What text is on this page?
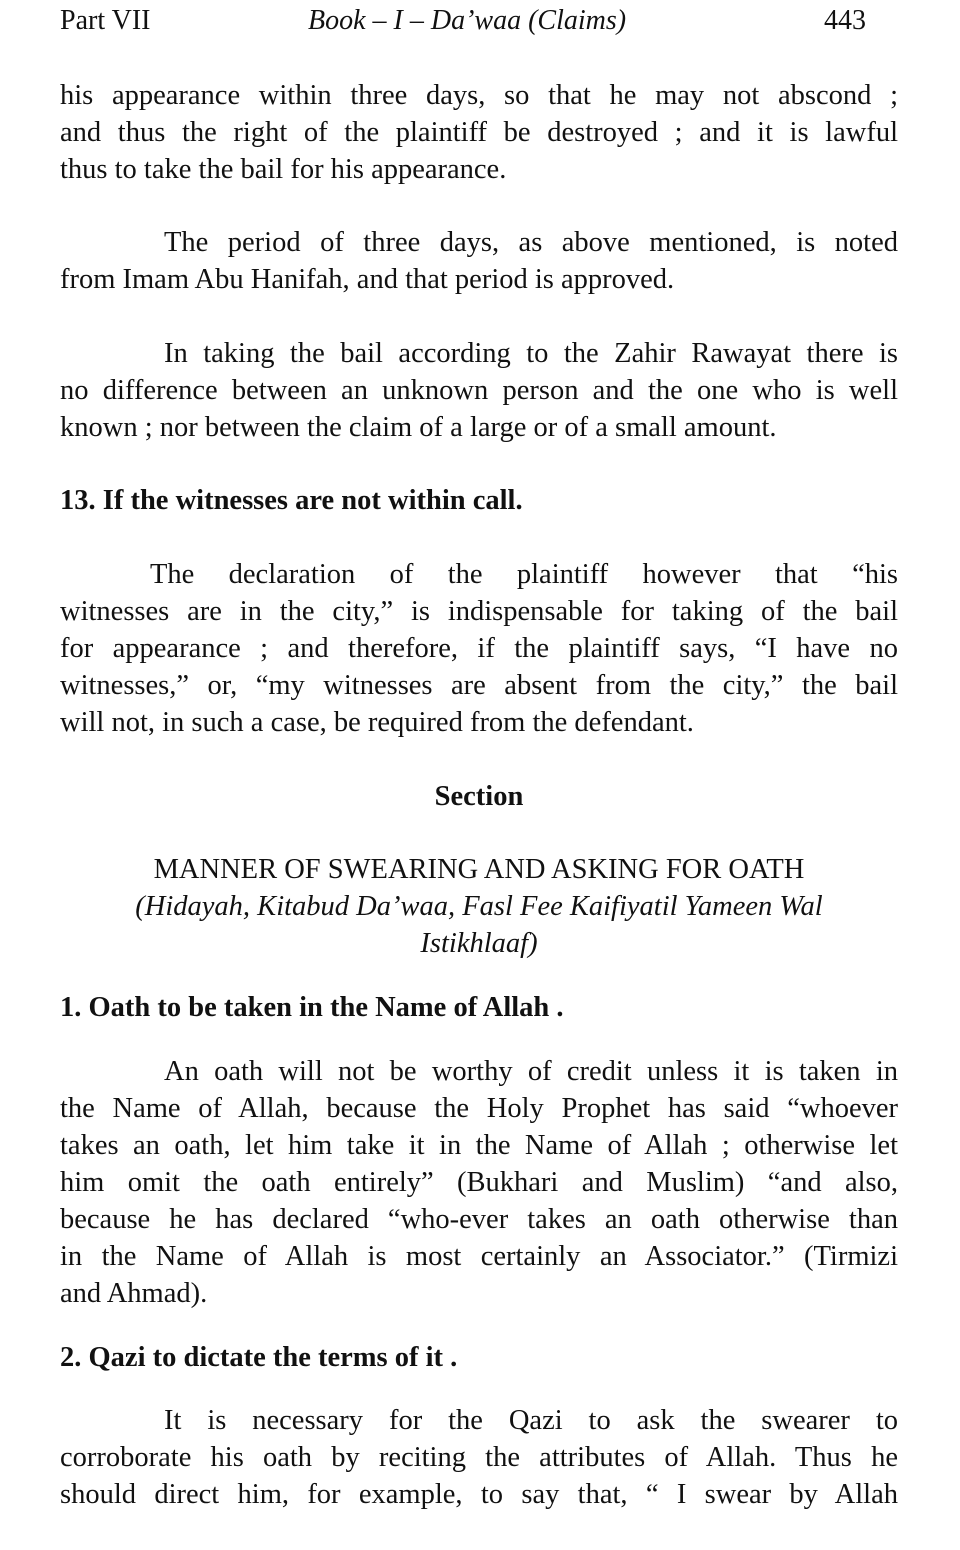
Part VII	Book – I – Da’waa (Claims)	443
his appearance within three days, so that he may not abscond ;
and thus the right of the plaintiff be destroyed ; and it is lawful
thus to take the bail for his appearance.
The period of three days, as above mentioned, is noted
from Imam Abu Hanifah, and that period is approved.
In taking the bail according to the Zahir Rawayat there is
no difference between an unknown person and the one who is well
known ; nor between the claim of a large or of a small amount.
13. If the witnesses are not within call.
The declaration of the plaintiff however that “his
witnesses are in the city,” is indispensable for taking of the bail
for appearance ; and therefore, if the plaintiff says, “I have no
witnesses,” or, “my witnesses are absent from the city,” the bail
will not, in such a case, be required from the defendant.
Section
MANNER OF SWEARING AND ASKING FOR OATH
(Hidayah, Kitabud Da’waa, Fasl Fee Kaifiyatil Yameen Wal
Istikhlaaf)
1. Oath to be taken in the Name of Allah .
An oath will not be worthy of credit unless it is taken in
the Name of Allah, because the Holy Prophet has said “whoever
takes an oath, let him take it in the Name of Allah ; otherwise let
him omit the oath entirely” (Bukhari and Muslim) “and also,
because he has declared “who-ever takes an oath otherwise than
in the Name of Allah is most certainly an Associator.” (Tirmizi
and Ahmad).
2. Qazi to dictate the terms of it .
It is necessary for the Qazi to ask the swearer to
corroborate his oath by reciting the attributes of Allah. Thus he
should direct him, for example, to say that, “ I swear by Allah
